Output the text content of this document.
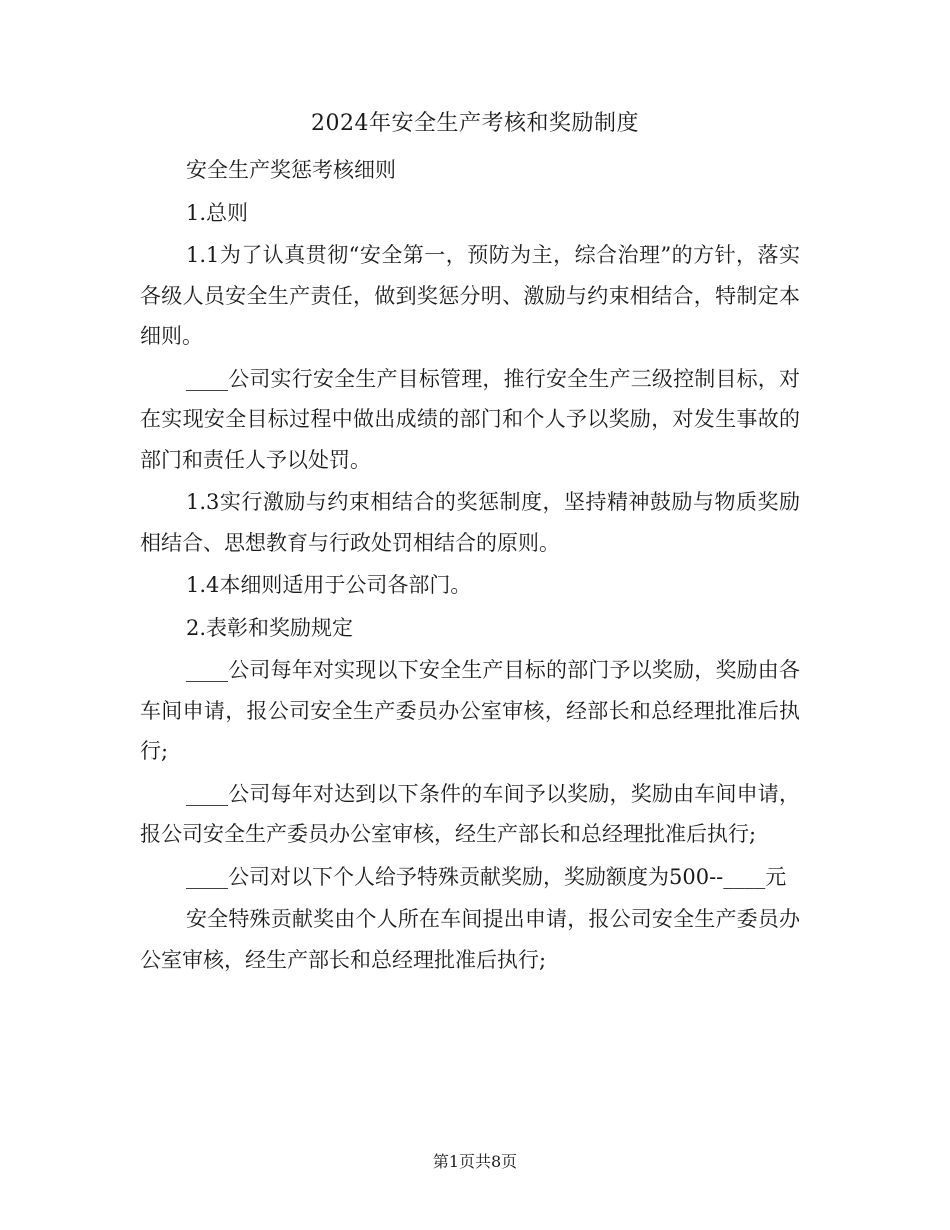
2024年安全生产考核和奖励制度

安全生产奖惩考核细则

1.总则

1.1为了认真贯彻“安全第一，预防为主，综合治理”的方针，落实各级人员安全生产责任，做到奖惩分明、激励与约束相结合，特制定本细则。

____公司实行安全生产目标管理，推行安全生产三级控制目标，对在实现安全目标过程中做出成绩的部门和个人予以奖励，对发生事故的部门和责任人予以处罚。

1.3实行激励与约束相结合的奖惩制度，坚持精神鼓励与物质奖励相结合、思想教育与行政处罚相结合的原则。

1.4本细则适用于公司各部门。

2.表彰和奖励规定

____公司每年对实现以下安全生产目标的部门予以奖励，奖励由各车间申请，报公司安全生产委员办公室审核，经部长和总经理批准后执行;

____公司每年对达到以下条件的车间予以奖励，奖励由车间申请，报公司安全生产委员办公室审核，经生产部长和总经理批准后执行;

____公司对以下个人给予特殊贡献奖励，奖励额度为500--____元

安全特殊贡献奖由个人所在车间提出申请，报公司安全生产委员办公室审核，经生产部长和总经理批准后执行;

第1页共8页
